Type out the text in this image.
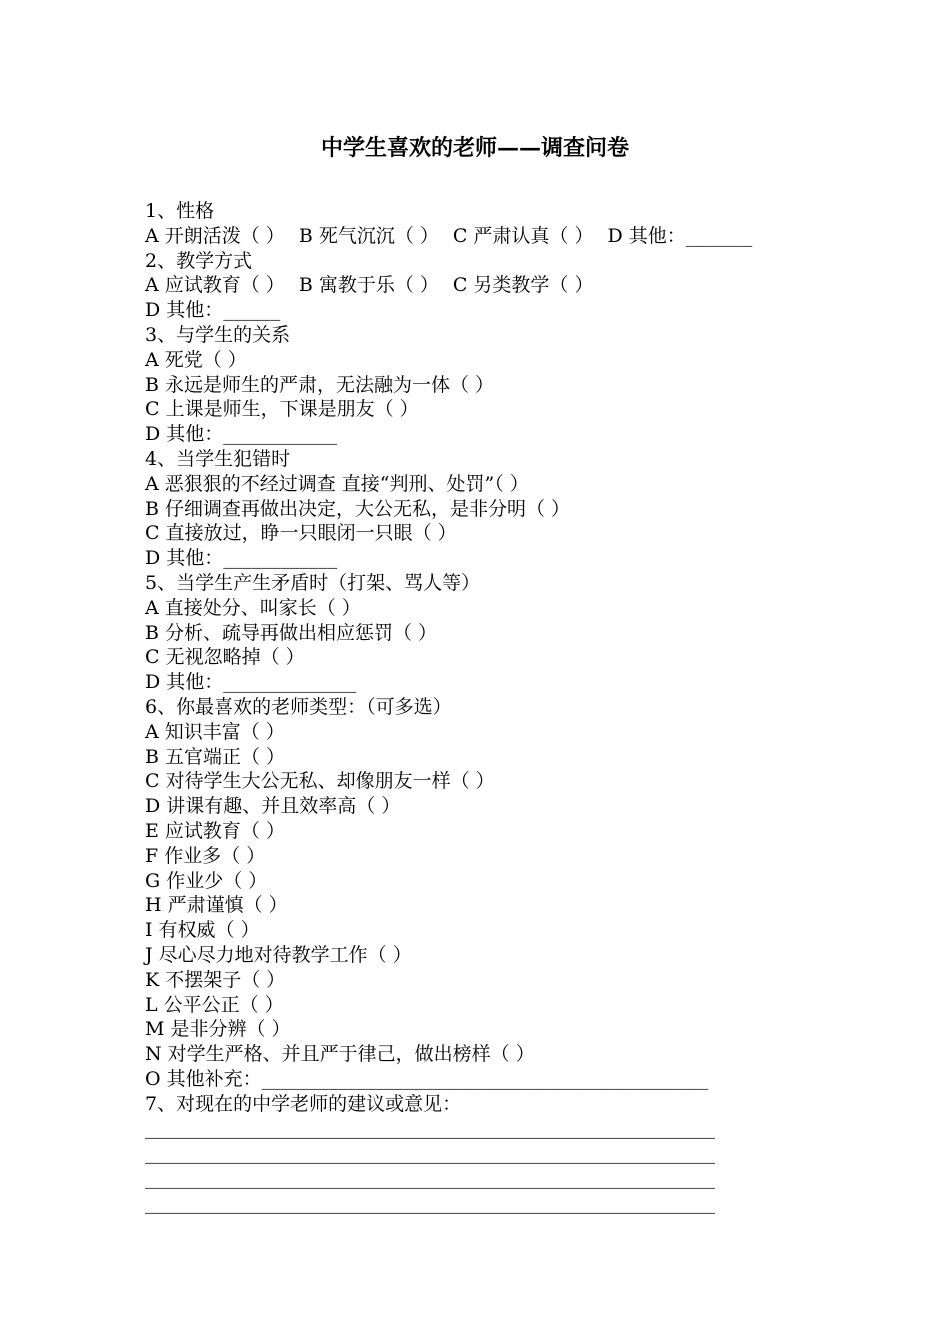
中学生喜欢的老师——调查问卷
1、性格
A 开朗活泼（ ） B 死气沉沉（ ） C 严肃认真（ ） D 其他：_______
2、教学方式
A 应试教育（ ） B 寓教于乐（ ） C 另类教学（ ）
D 其他：______
3、与学生的关系
A 死党（ ）
B 永远是师生的严肃，无法融为一体（ ）
C 上课是师生，下课是朋友（ ）
D 其他：____________
4、当学生犯错时
A 恶狠狠的不经过调查 直接“判刑、处罚”（ ）
B 仔细调查再做出决定，大公无私，是非分明（ ）
C 直接放过，睁一只眼闭一只眼（ ）
D 其他：____________
5、当学生产生矛盾时（打架、骂人等）
A 直接处分、叫家长（ ）
B 分析、疏导再做出相应惩罚（ ）
C 无视忽略掉（ ）
D 其他：______________
6、你最喜欢的老师类型：（可多选）
A 知识丰富（ ）
B 五官端正（ ）
C 对待学生大公无私、却像朋友一样（ ）
D 讲课有趣、并且效率高（ ）
E 应试教育（ ）
F 作业多（ ）
G 作业少（ ）
H 严肃谨慎（ ）
I 有权威（ ）
J 尽心尽力地对待教学工作（ ）
K 不摆架子（ ）
L 公平公正（ ）
M 是非分辨（ ）
N 对学生严格、并且严于律己，做出榜样（ ）
O 其他补充：_______________________________________________
7、对现在的中学老师的建议或意见：
____________________________________________________________
____________________________________________________________
____________________________________________________________
____________________________________________________________
